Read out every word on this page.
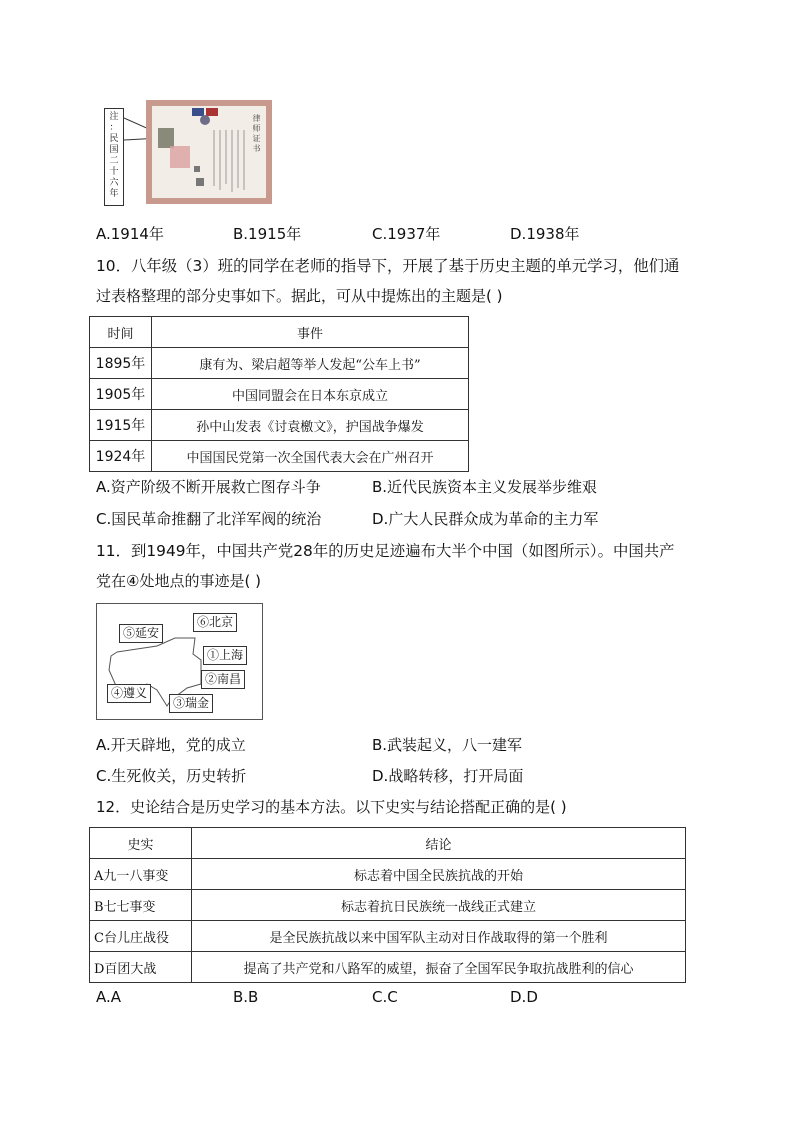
注
：
民
国
二
十
六
年
律师证书
A.1914年	B.1915年	C.1937年	D.1938年
10．八年级（3）班的同学在老师的指导下，开展了基于历史主题的单元学习，他们通
过表格整理的部分史事如下。据此，可从中提炼出的主题是( )
时间	事件
1895年	康有为、梁启超等举人发起“公车上书”
1905年	中国同盟会在日本东京成立
1915年	孙中山发表《讨袁檄文》，护国战争爆发
1924年	中国国民党第一次全国代表大会在广州召开
A.资产阶级不断开展救亡图存斗争	B.近代民族资本主义发展举步维艰
C.国民革命推翻了北洋军阀的统治	D.广大人民群众成为革命的主力军
11．到1949年，中国共产党28年的历史足迹遍布大半个中国（如图所示）。中国共产
党在④处地点的事迹是( )
⑤延安
⑥北京
①上海
②南昌
④遵义
③瑞金
A.开天辟地，党的成立	B.武装起义，八一建军
C.生死攸关，历史转折	D.战略转移，打开局面
12．史论结合是历史学习的基本方法。以下史实与结论搭配正确的是( )
史实	结论
A九一八事变	标志着中国全民族抗战的开始
B七七事变	标志着抗日民族统一战线正式建立
C台儿庄战役	是全民族抗战以来中国军队主动对日作战取得的第一个胜利
D百团大战	提高了共产党和八路军的威望，振奋了全国军民争取抗战胜利的信心
A.A	B.B	C.C	D.D
